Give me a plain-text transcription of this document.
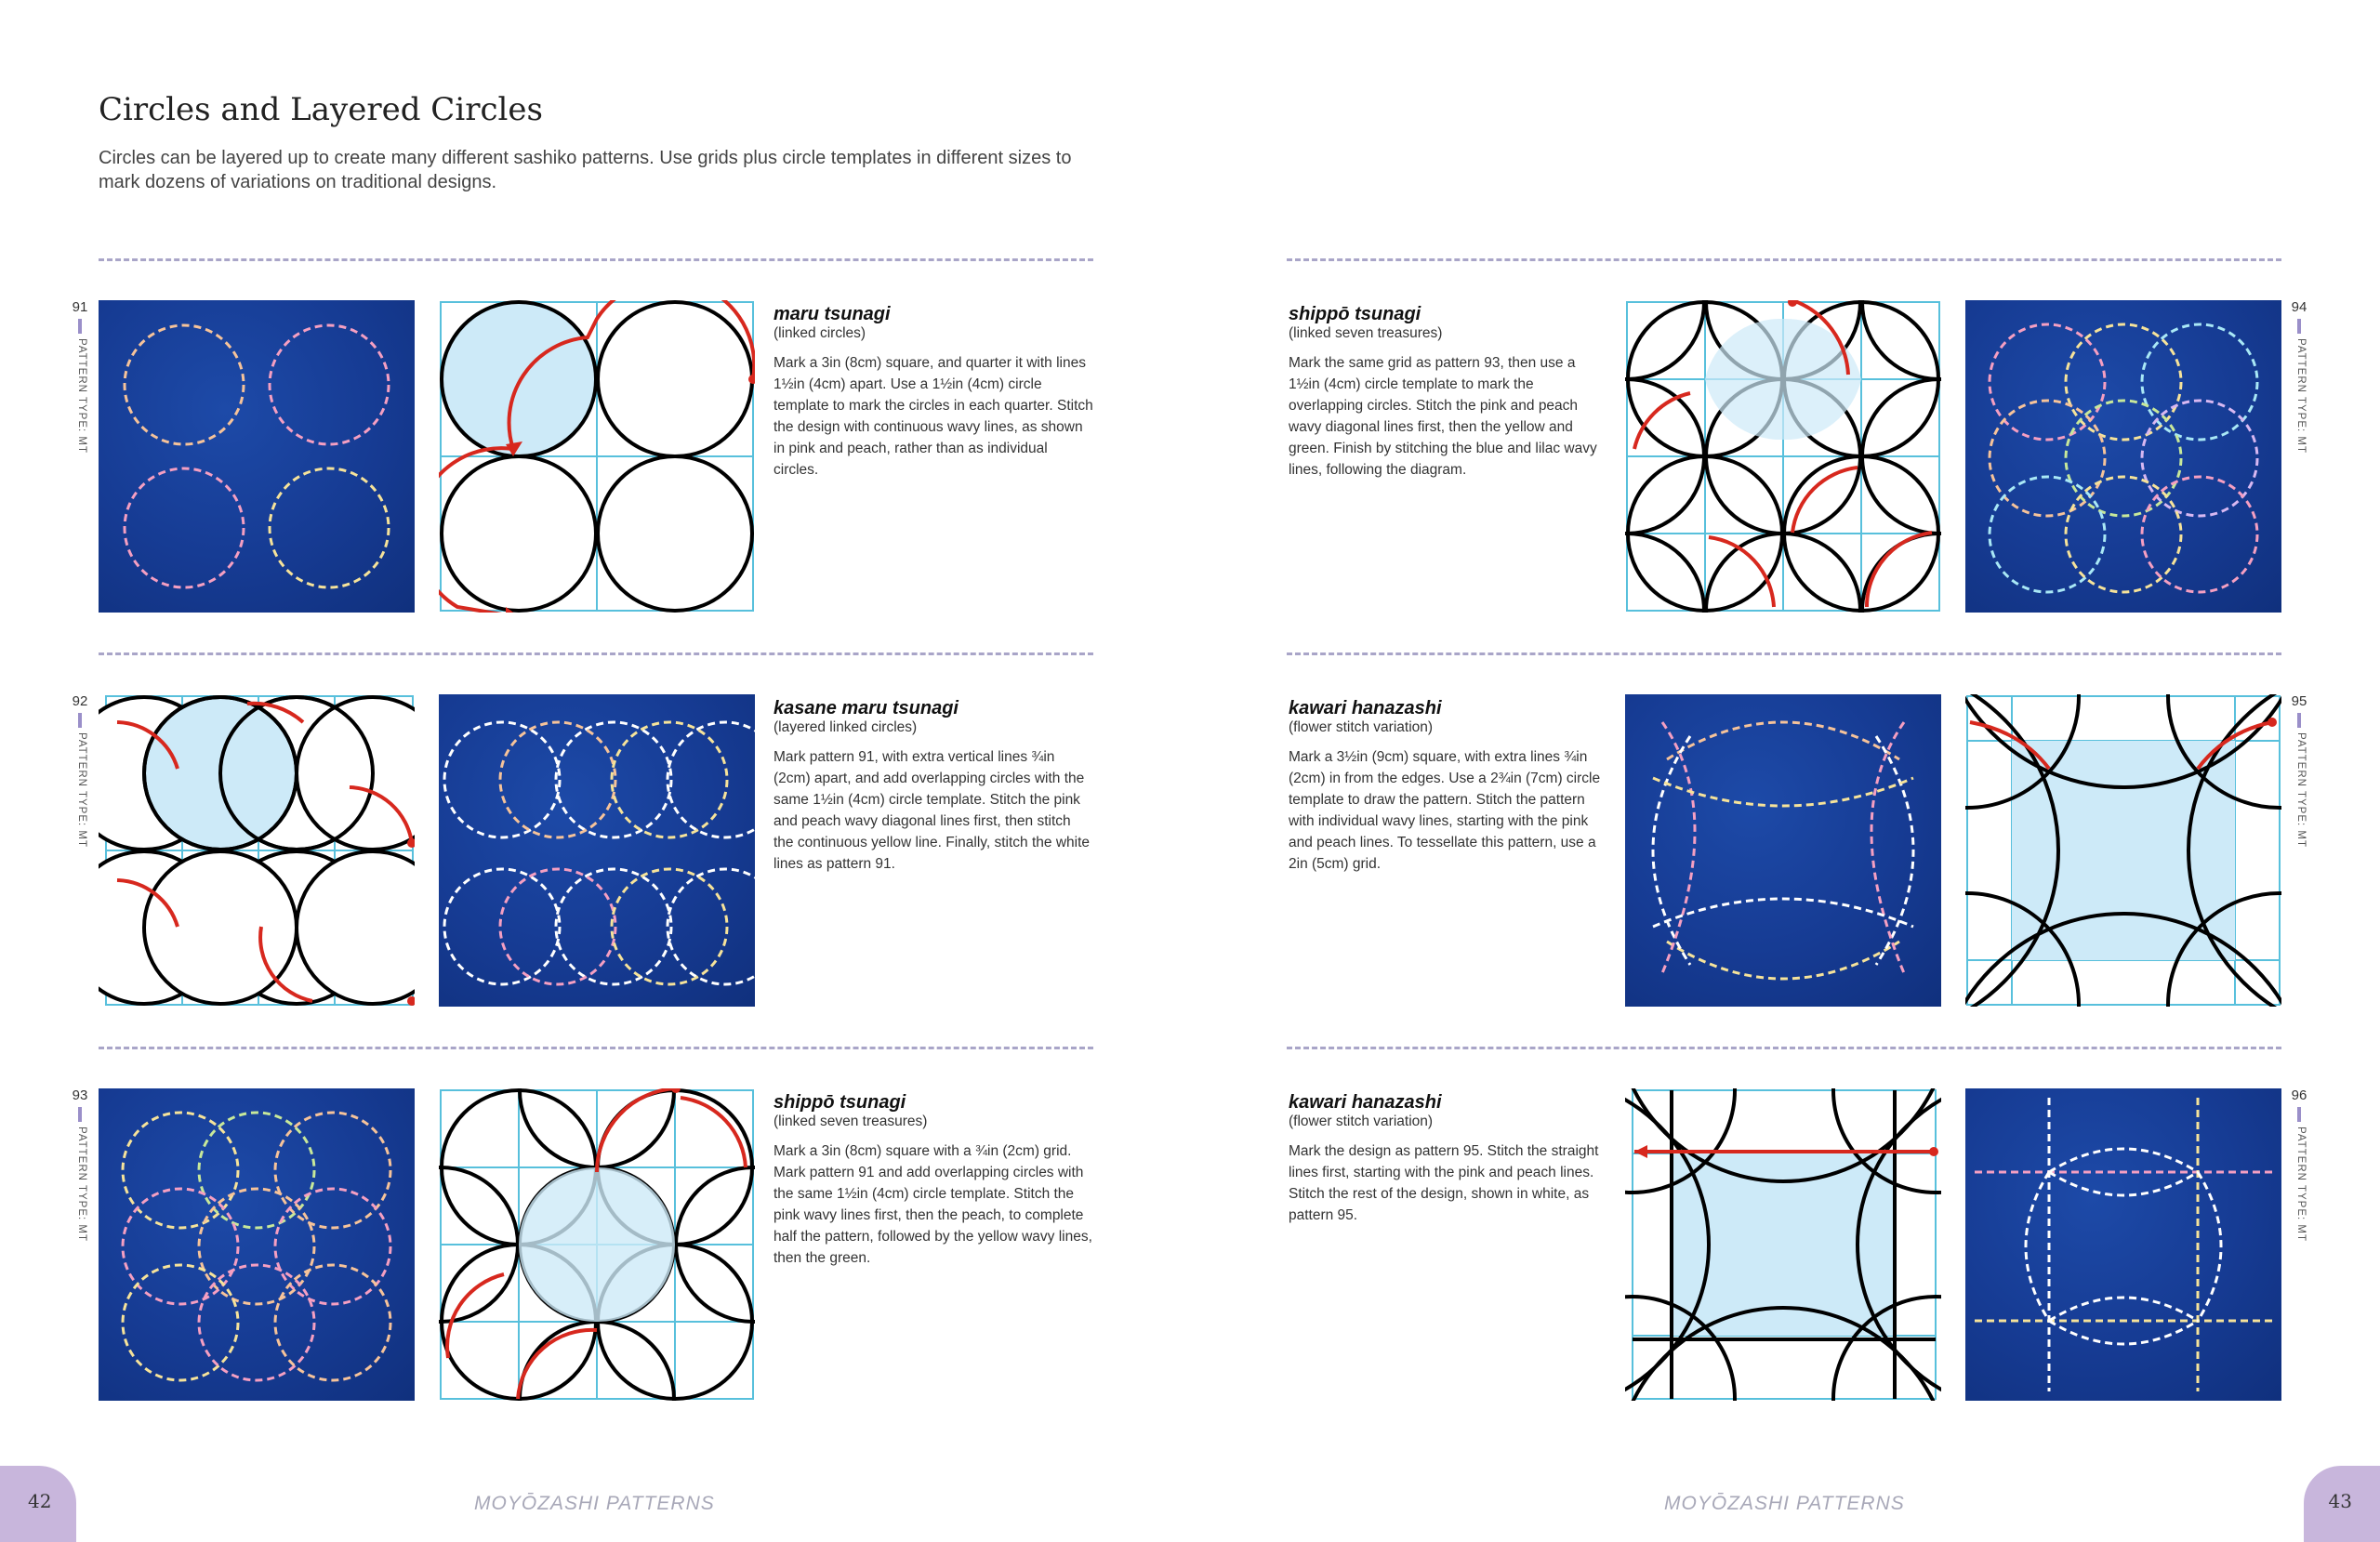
Circles and Layered Circles

Circles can be layered up to create many different sashiko patterns. Use grids plus circle templates in different sizes to mark dozens of variations on traditional designs.

91
PATTERN TYPE: MT
92
PATTERN TYPE: MT
93
PATTERN TYPE: MT
94
PATTERN TYPE: MT
95
PATTERN TYPE: MT
96
PATTERN TYPE: MT
maru tsunagi
(linked circles)
Mark a 3in (8cm) square, and quarter it with lines 1½in (4cm) apart. Use a 1½in (4cm) circle template to mark the circles in each quarter. Stitch the design with continuous wavy lines, as shown in pink and peach, rather than as individual circles.
kasane maru tsunagi
(layered linked circles)
Mark pattern 91, with extra vertical lines ¾in (2cm) apart, and add overlapping circles with the same 1½in (4cm) circle template. Stitch the pink and peach wavy diagonal lines first, then stitch the continuous yellow line. Finally, stitch the white lines as pattern 91.
shippō tsunagi
(linked seven treasures)
Mark a 3in (8cm) square with a ¾in (2cm) grid. Mark pattern 91 and add overlapping circles with the same 1½in (4cm) circle template. Stitch the pink wavy lines first, then the peach, to complete half the pattern, followed by the yellow wavy lines, then the green.
shippō tsunagi
(linked seven treasures)
Mark the same grid as pattern 93, then use a 1½in (4cm) circle template to mark the overlapping circles. Stitch the pink and peach wavy diagonal lines first, then the yellow and green. Finish by stitching the blue and lilac wavy lines, following the diagram.
kawari hanazashi
(flower stitch variation)
Mark a 3½in (9cm) square, with extra lines ¾in (2cm) in from the edges. Use a 2¾in (7cm) circle template to draw the pattern. Stitch the pattern with individual wavy lines, starting with the pink and peach lines. To tessellate this pattern, use a 2in (5cm) grid.
kawari hanazashi
(flower stitch variation)
Mark the design as pattern 95. Stitch the straight lines first, starting with the pink and peach lines. Stitch the rest of the design, shown in white, as pattern 95.
42	43
MOYŌZASHI PATTERNS	MOYŌZASHI PATTERNS
